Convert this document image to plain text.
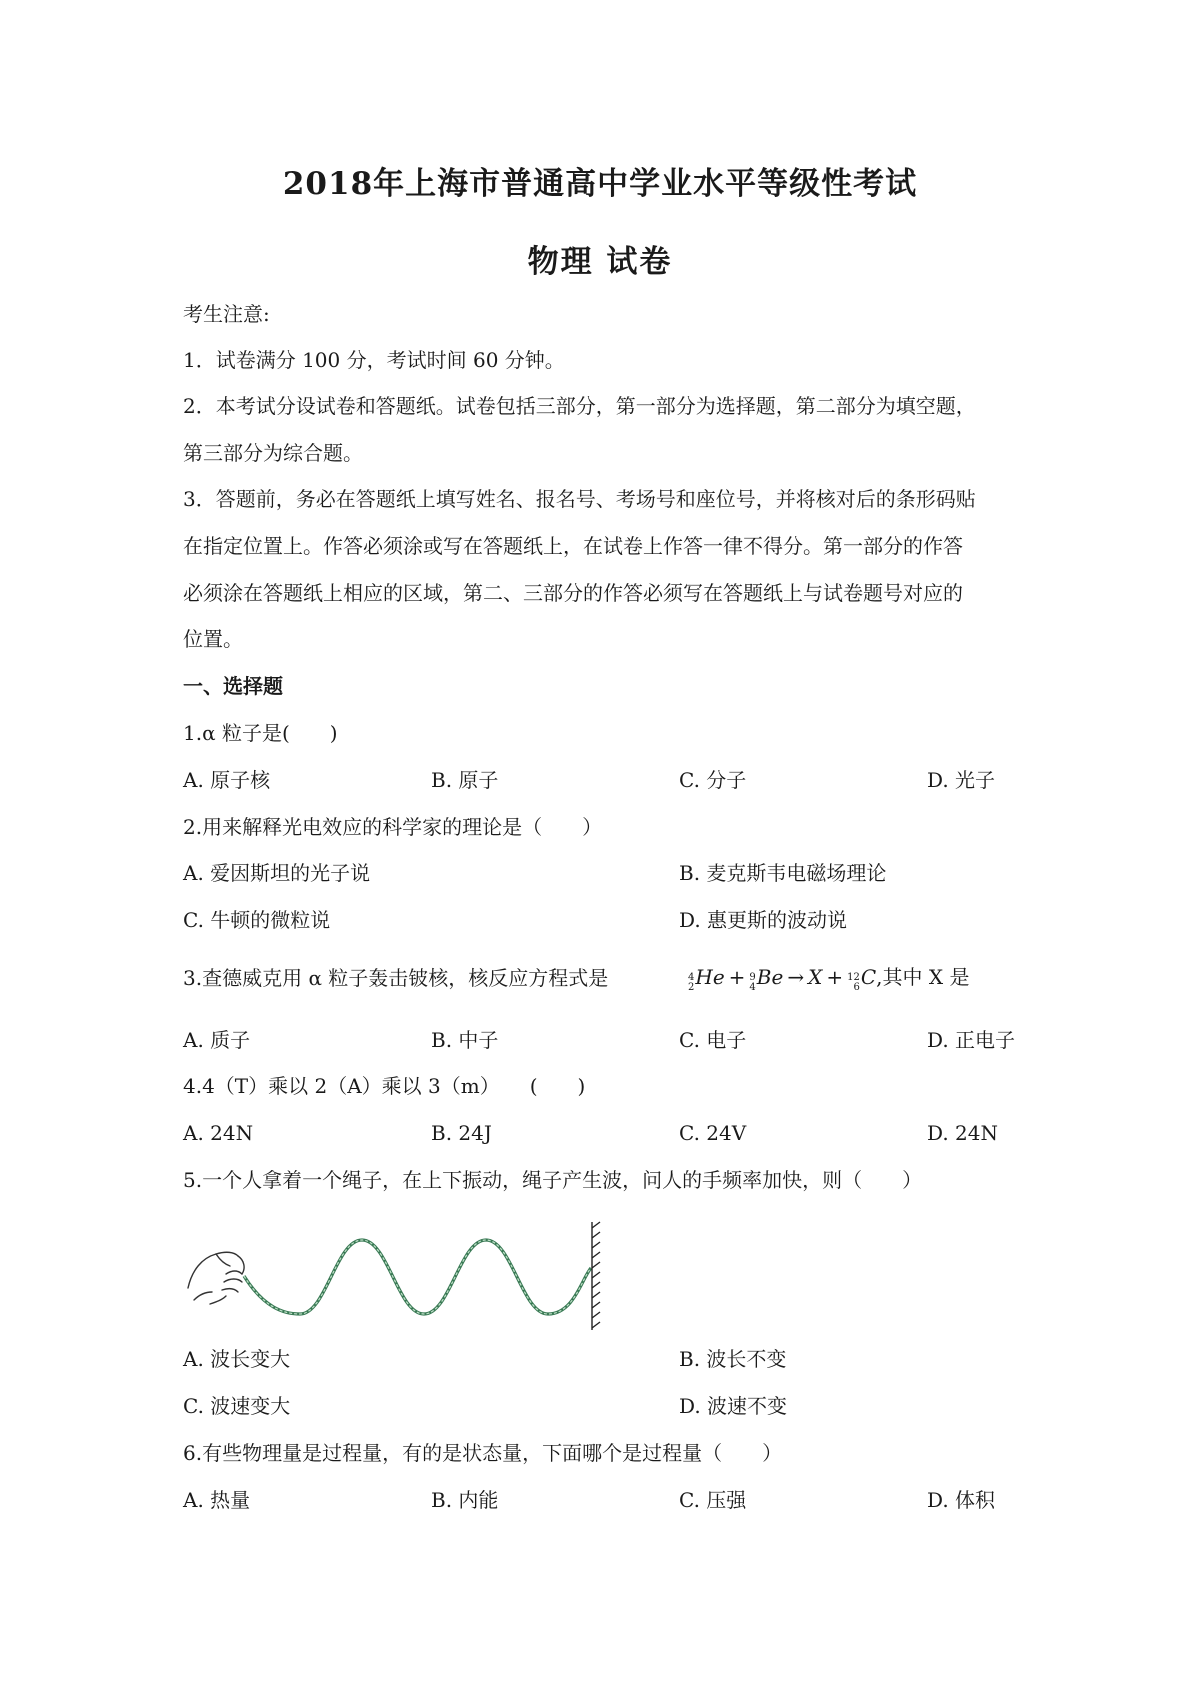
2018年上海市普通高中学业水平等级性考试
物理 试卷
考生注意:
1．试卷满分 100 分，考试时间 60 分钟。
2．本考试分设试卷和答题纸。试卷包括三部分，第一部分为选择题，第二部分为填空题，
第三部分为综合题。
3．答题前，务必在答题纸上填写姓名、报名号、考场号和座位号，并将核对后的条形码贴
在指定位置上。作答必须涂或写在答题纸上，在试卷上作答一律不得分。第一部分的作答
必须涂在答题纸上相应的区域，第二、三部分的作答必须写在答题纸上与试卷题号对应的
位置。
一、选择题
1.α 粒子是(　　)
A. 原子核	B. 原子	C. 分子	D. 光子
2.用来解释光电效应的科学家的理论是（　　）
A. 爱因斯坦的光子说	B. 麦克斯韦电磁场理论
C. 牛顿的微粒说	D. 惠更斯的波动说
3.查德威克用 α 粒子轰击铍核，核反应方程式是	4
2 He + 9
4 Be → X + 12
6 C,其中 X 是
A. 质子	B. 中子	C. 电子	D. 正电子
4.4（T）乘以 2（A）乘以 3（m）　　(　　)
A. 24N	B. 24J	C. 24V	D. 24N
5.一个人拿着一个绳子，在上下振动，绳子产生波，问人的手频率加快，则（　　）
A. 波长变大	B. 波长不变
C. 波速变大	D. 波速不变
6.有些物理量是过程量，有的是状态量，下面哪个是过程量（　　）
A. 热量	B. 内能	C. 压强	D. 体积
